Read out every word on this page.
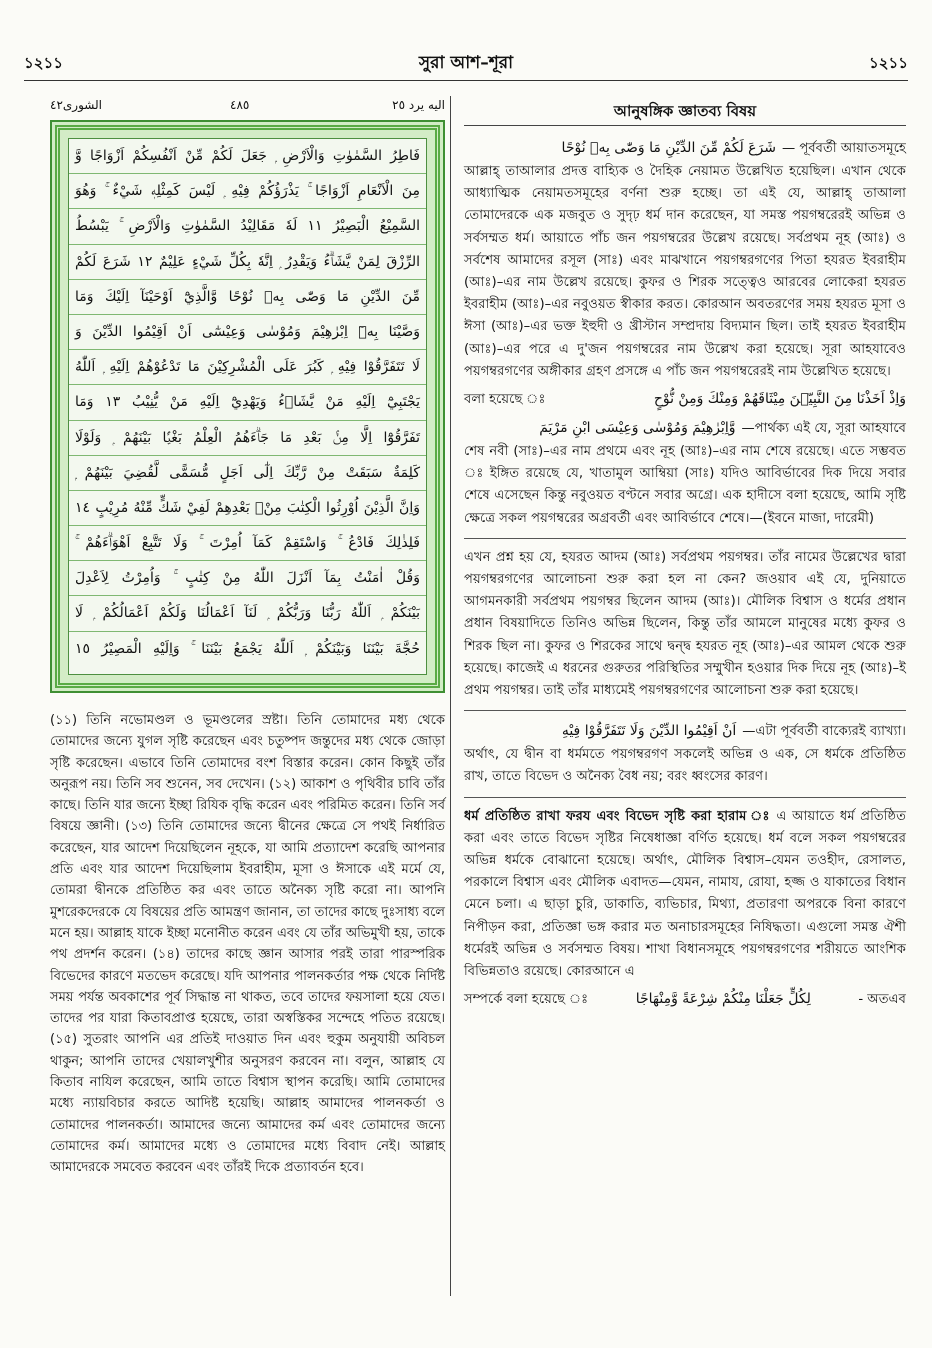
১২১১	সুরা আশ–শূরা	১২১১
الشورى٤٢	٤٨٥	اليه يرد ٢٥
فَاطِرُ السَّمٰوٰتِ وَالْاَرْضِ ۭ جَعَلَ لَكُمْ مِّنْ اَنْفُسِكُمْ اَزْوَاجًا وَّ
مِنَ الْاَنْعَامِ اَزْوَاجًا ۚ يَذْرَؤُكُمْ فِيْهِ ۭ لَيْسَ كَمِثْلِهٖ شَيْءٌ ۚ وَهُوَ
السَّمِيْعُ الْبَصِيْرُ ١١ لَهٗ مَقَالِيْدُ السَّمٰوٰتِ وَالْاَرْضِ ۚ يَبْسُطُ
الرِّزْقَ لِمَنْ يَّشَاۗءُ وَيَقْدِرُ ۭ اِنَّهٗ بِكُلِّ شَيْءٍ عَلِيْمٌ ١٢ شَرَعَ لَكُمْ
مِّنَ الدِّيْنِ مَا وَصّٰى بِهٖ نُوْحًا وَّالَّذِيْٓ اَوْحَيْنَآ اِلَيْكَ وَمَا
وَصَّيْنَا بِهٖٓ اِبْرٰهِيْمَ وَمُوْسٰى وَعِيْسٰٓى اَنْ اَقِيْمُوا الدِّيْنَ وَ
لَا تَتَفَرَّقُوْا فِيْهِ ۭ كَبُرَ عَلَى الْمُشْرِكِيْنَ مَا تَدْعُوْهُمْ اِلَيْهِ ۭ اَللّٰهُ
يَجْتَبِيْٓ اِلَيْهِ مَنْ يَّشَاۗءُ وَيَهْدِيْٓ اِلَيْهِ مَنْ يُّنِيْبُ ١٣ وَمَا
تَفَرَّقُوْٓا اِلَّا مِنْۢ بَعْدِ مَا جَاۗءَهُمُ الْعِلْمُ بَغْيًۢا بَيْنَهُمْ ۭ وَلَوْلَا
كَلِمَةٌ سَبَقَتْ مِنْ رَّبِّكَ اِلٰٓى اَجَلٍ مُّسَمًّى لَّقُضِيَ بَيْنَهُمْ ۭ
وَاِنَّ الَّذِيْنَ اُوْرِثُوا الْكِتٰبَ مِنْۢ بَعْدِهِمْ لَفِيْ شَكٍّ مِّنْهُ مُرِيْبٍ ١٤
فَلِذٰلِكَ فَادْعُ ۚ وَاسْتَقِمْ كَمَآ اُمِرْتَ ۚ وَلَا تَتَّبِعْ اَهْوَاۗءَهُمْ ۚ
وَقُلْ اٰمَنْتُ بِمَآ اَنْزَلَ اللّٰهُ مِنْ كِتٰبٍ ۚ وَاُمِرْتُ لِاَعْدِلَ
بَيْنَكُمْ ۭ اَللّٰهُ رَبُّنَا وَرَبُّكُمْ ۭ لَنَآ اَعْمَالُنَا وَلَكُمْ اَعْمَالُكُمْ ۭ لَا
حُجَّةَ بَيْنَنَا وَبَيْنَكُمْ ۭ اَللّٰهُ يَجْمَعُ بَيْنَنَا ۚ وَاِلَيْهِ الْمَصِيْرُ ١٥
(১১) তিনি নভোমণ্ডল ও ভূমণ্ডলের স্রষ্টা। তিনি তোমাদের মধ্য থেকে তোমাদের জন্যে যুগল সৃষ্টি করেছেন এবং চতুষ্পদ জন্তুদের মধ্য থেকে জোড়া সৃষ্টি করেছেন। এভাবে তিনি তোমাদের বংশ বিস্তার করেন। কোন কিছুই তাঁর অনুরূপ নয়। তিনি সব শুনেন, সব দেখেন। (১২) আকাশ ও পৃথিবীর চাবি তাঁর কাছে। তিনি যার জন্যে ইচ্ছা রিযিক বৃদ্ধি করেন এবং পরিমিত করেন। তিনি সর্ব বিষয়ে জ্ঞানী। (১৩) তিনি তোমাদের জন্যে দ্বীনের ক্ষেত্রে সে পথই নির্ধারিত করেছেন, যার আদেশ দিয়েছিলেন নূহকে, যা আমি প্রত্যাদেশ করেছি আপনার প্রতি এবং যার আদেশ দিয়েছিলাম ইবরাহীম, মূসা ও ঈসাকে এই মর্মে যে, তোমরা দ্বীনকে প্রতিষ্ঠিত কর এবং তাতে অনৈক্য সৃষ্টি করো না। আপনি মুশরেকদেরকে যে বিষয়ের প্রতি আমন্ত্রণ জানান, তা তাদের কাছে দুঃসাধ্য বলে মনে হয়। আল্লাহ যাকে ইচ্ছা মনোনীত করেন এবং যে তাঁর অভিমুখী হয়, তাকে পথ প্রদর্শন করেন। (১৪) তাদের কাছে জ্ঞান আসার পরই তারা পারস্পরিক বিভেদের কারণে মতভেদ করেছে। যদি আপনার পালনকর্তার পক্ষ থেকে নির্দিষ্ট সময় পর্যন্ত অবকাশের পূর্ব সিদ্ধান্ত না থাকত, তবে তাদের ফয়সালা হয়ে যেত। তাদের পর যারা কিতাবপ্রাপ্ত হয়েছে, তারা অস্বস্তিকর সন্দেহে পতিত রয়েছে। (১৫) সুতরাং আপনি এর প্রতিই দাওয়াত দিন এবং হুকুম অনুযায়ী অবিচল থাকুন; আপনি তাদের খেয়ালখুশীর অনুসরণ করবেন না। বলুন, আল্লাহ যে কিতাব নাযিল করেছেন, আমি তাতে বিশ্বাস স্থাপন করেছি। আমি তোমাদের মধ্যে ন্যায়বিচার করতে আদিষ্ট হয়েছি। আল্লাহ আমাদের পালনকর্তা ও তোমাদের পালনকর্তা। আমাদের জন্যে আমাদের কর্ম এবং তোমাদের জন্যে তোমাদের কর্ম। আমাদের মধ্যে ও তোমাদের মধ্যে বিবাদ নেই। আল্লাহ আমাদেরকে সমবেত করবেন এবং তাঁরই দিকে প্রত্যাবর্তন হবে।
আনুষঙ্গিক জ্ঞাতব্য বিষয়
شَرَعَ لَكُمْ مِّنَ الدِّيْنِ مَا وَصّٰى بِهٖ نُوْحًا — পূর্ববর্তী আয়াতসমূহে
আল্লাহ্ তাআলার প্রদত্ত বাহ্যিক ও দৈহিক নেয়ামত উল্লেখিত হয়েছিল। এখান থেকে আধ্যাত্মিক নেয়ামতসমূহের বর্ণনা শুরু হচ্ছে। তা এই যে, আল্লাহ্ তাআলা তোমাদেরকে এক মজবুত ও সুদৃঢ় ধর্ম দান করেছেন, যা সমস্ত পয়গম্বরেরই অভিন্ন ও সর্বসম্মত ধর্ম। আয়াতে পাঁচ জন পয়গম্বরের উল্লেখ রয়েছে। সর্বপ্রথম নূহ (আঃ) ও সর্বশেষ আমাদের রসূল (সাঃ) এবং মাঝখানে পয়গম্বরগণের পিতা হযরত ইবরাহীম (আঃ)–এর নাম উল্লেখ রয়েছে। কুফর ও শিরক সত্ত্বেও আরবের লোকেরা হযরত ইবরাহীম (আঃ)–এর নবুওয়ত স্বীকার করত। কোরআন অবতরণের সময় হযরত মূসা ও ঈসা (আঃ)–এর ভক্ত ইহুদী ও খ্রীস্টান সম্প্রদায় বিদ্যমান ছিল। তাই হযরত ইবরাহীম (আঃ)–এর পরে এ দু'জন পয়গম্বরের নাম উল্লেখ করা হয়েছে। সূরা আহযাবেও পয়গম্বরগণের অঙ্গীকার গ্রহণ প্রসঙ্গে এ পাঁচ জন পয়গম্বরেরই নাম উল্লেখিত হয়েছে।
বলা হয়েছে ঃ	وَاِذْ اَخَذْنَا مِنَ النَّبِيّٖنَ مِيْثَاقَهُمْ وَمِنْكَ وَمِنْ نُّوْحٍ
وَّاِبْرٰهِيْمَ وَمُوْسٰى وَعِيْسَى ابْنِ مَرْيَمَ —পার্থক্য এই যে, সূরা আহযাবে
শেষ নবী (সাঃ)–এর নাম প্রথমে এবং নূহ (আঃ)–এর নাম শেষে রয়েছে। এতে সম্ভবত ঃ ইঙ্গিত রয়েছে যে, খাতামুল আম্বিয়া (সাঃ) যদিও আবির্ভাবের দিক দিয়ে সবার শেষে এসেছেন কিন্তু নবুওয়ত বণ্টনে সবার অগ্রে। এক হাদীসে বলা হয়েছে, আমি সৃষ্টি ক্ষেত্রে সকল পয়গম্বরের অগ্রবর্তী এবং আবির্ভাবে শেষে।—(ইবনে মাজা, দারেমী)
এখন প্রশ্ন হয় যে, হযরত আদম (আঃ) সর্বপ্রথম পয়গম্বর। তাঁর নামের উল্লেখের দ্বারা পয়গম্বরগণের আলোচনা শুরু করা হল না কেন? জওয়াব এই যে, দুনিয়াতে আগমনকারী সর্বপ্রথম পয়গম্বর ছিলেন আদম (আঃ)। মৌলিক বিশ্বাস ও ধর্মের প্রধান প্রধান বিষয়াদিতে তিনিও অভিন্ন ছিলেন, কিন্তু তাঁর আমলে মানুষের মধ্যে কুফর ও শিরক ছিল না। কুফর ও শিরকের সাথে দ্বন্দ্ব হযরত নূহ (আঃ)–এর আমল থেকে শুরু হয়েছে। কাজেই এ ধরনের গুরুতর পরিস্থিতির সম্মুখীন হওয়ার দিক দিয়ে নূহ (আঃ)–ই প্রথম পয়গম্বর। তাই তাঁর মাধ্যমেই পয়গম্বরগণের আলোচনা শুরু করা হয়েছে।
اَنْ اَقِيْمُوا الدِّيْنَ وَلَا تَتَفَرَّقُوْا فِيْهِ —এটা পূর্ববর্তী বাক্যেরই ব্যাখ্যা।
অর্থাৎ, যে দ্বীন বা ধর্মমতে পয়গম্বরগণ সকলেই অভিন্ন ও এক, সে ধর্মকে প্রতিষ্ঠিত রাখ, তাতে বিভেদ ও অনৈক্য বৈধ নয়; বরং ধ্বংসের কারণ।
ধর্ম প্রতিষ্ঠিত রাখা ফরয এবং বিভেদ সৃষ্টি করা হারাম ঃ এ আয়াতে ধর্ম প্রতিষ্ঠিত করা এবং তাতে বিভেদ সৃষ্টির নিষেধাজ্ঞা বর্ণিত হয়েছে। ধর্ম বলে সকল পয়গম্বরের অভিন্ন ধর্মকে বোঝানো হয়েছে। অর্থাৎ, মৌলিক বিশ্বাস–যেমন তওহীদ, রেসালত, পরকালে বিশ্বাস এবং মৌলিক এবাদত—যেমন, নামায, রোযা, হজ্জ ও যাকাতের বিধান মেনে চলা। এ ছাড়া চুরি, ডাকাতি, ব্যভিচার, মিথ্যা, প্রতারণা অপরকে বিনা কারণে নিপীড়ন করা, প্রতিজ্ঞা ভঙ্গ করার মত অনাচারসমূহের নিষিদ্ধতা। এগুলো সমস্ত ঐশী ধর্মেরই অভিন্ন ও সর্বসম্মত বিষয়। শাখা বিধানসমূহে পয়গম্বরগণের শরীয়তে আংশিক বিভিন্নতাও রয়েছে। কোরআনে এ
সম্পর্কে বলা হয়েছে ঃ	لِكُلٍّ جَعَلْنَا مِنْكُمْ شِرْعَةً وَّمِنْهَاجًا	- অতএব
